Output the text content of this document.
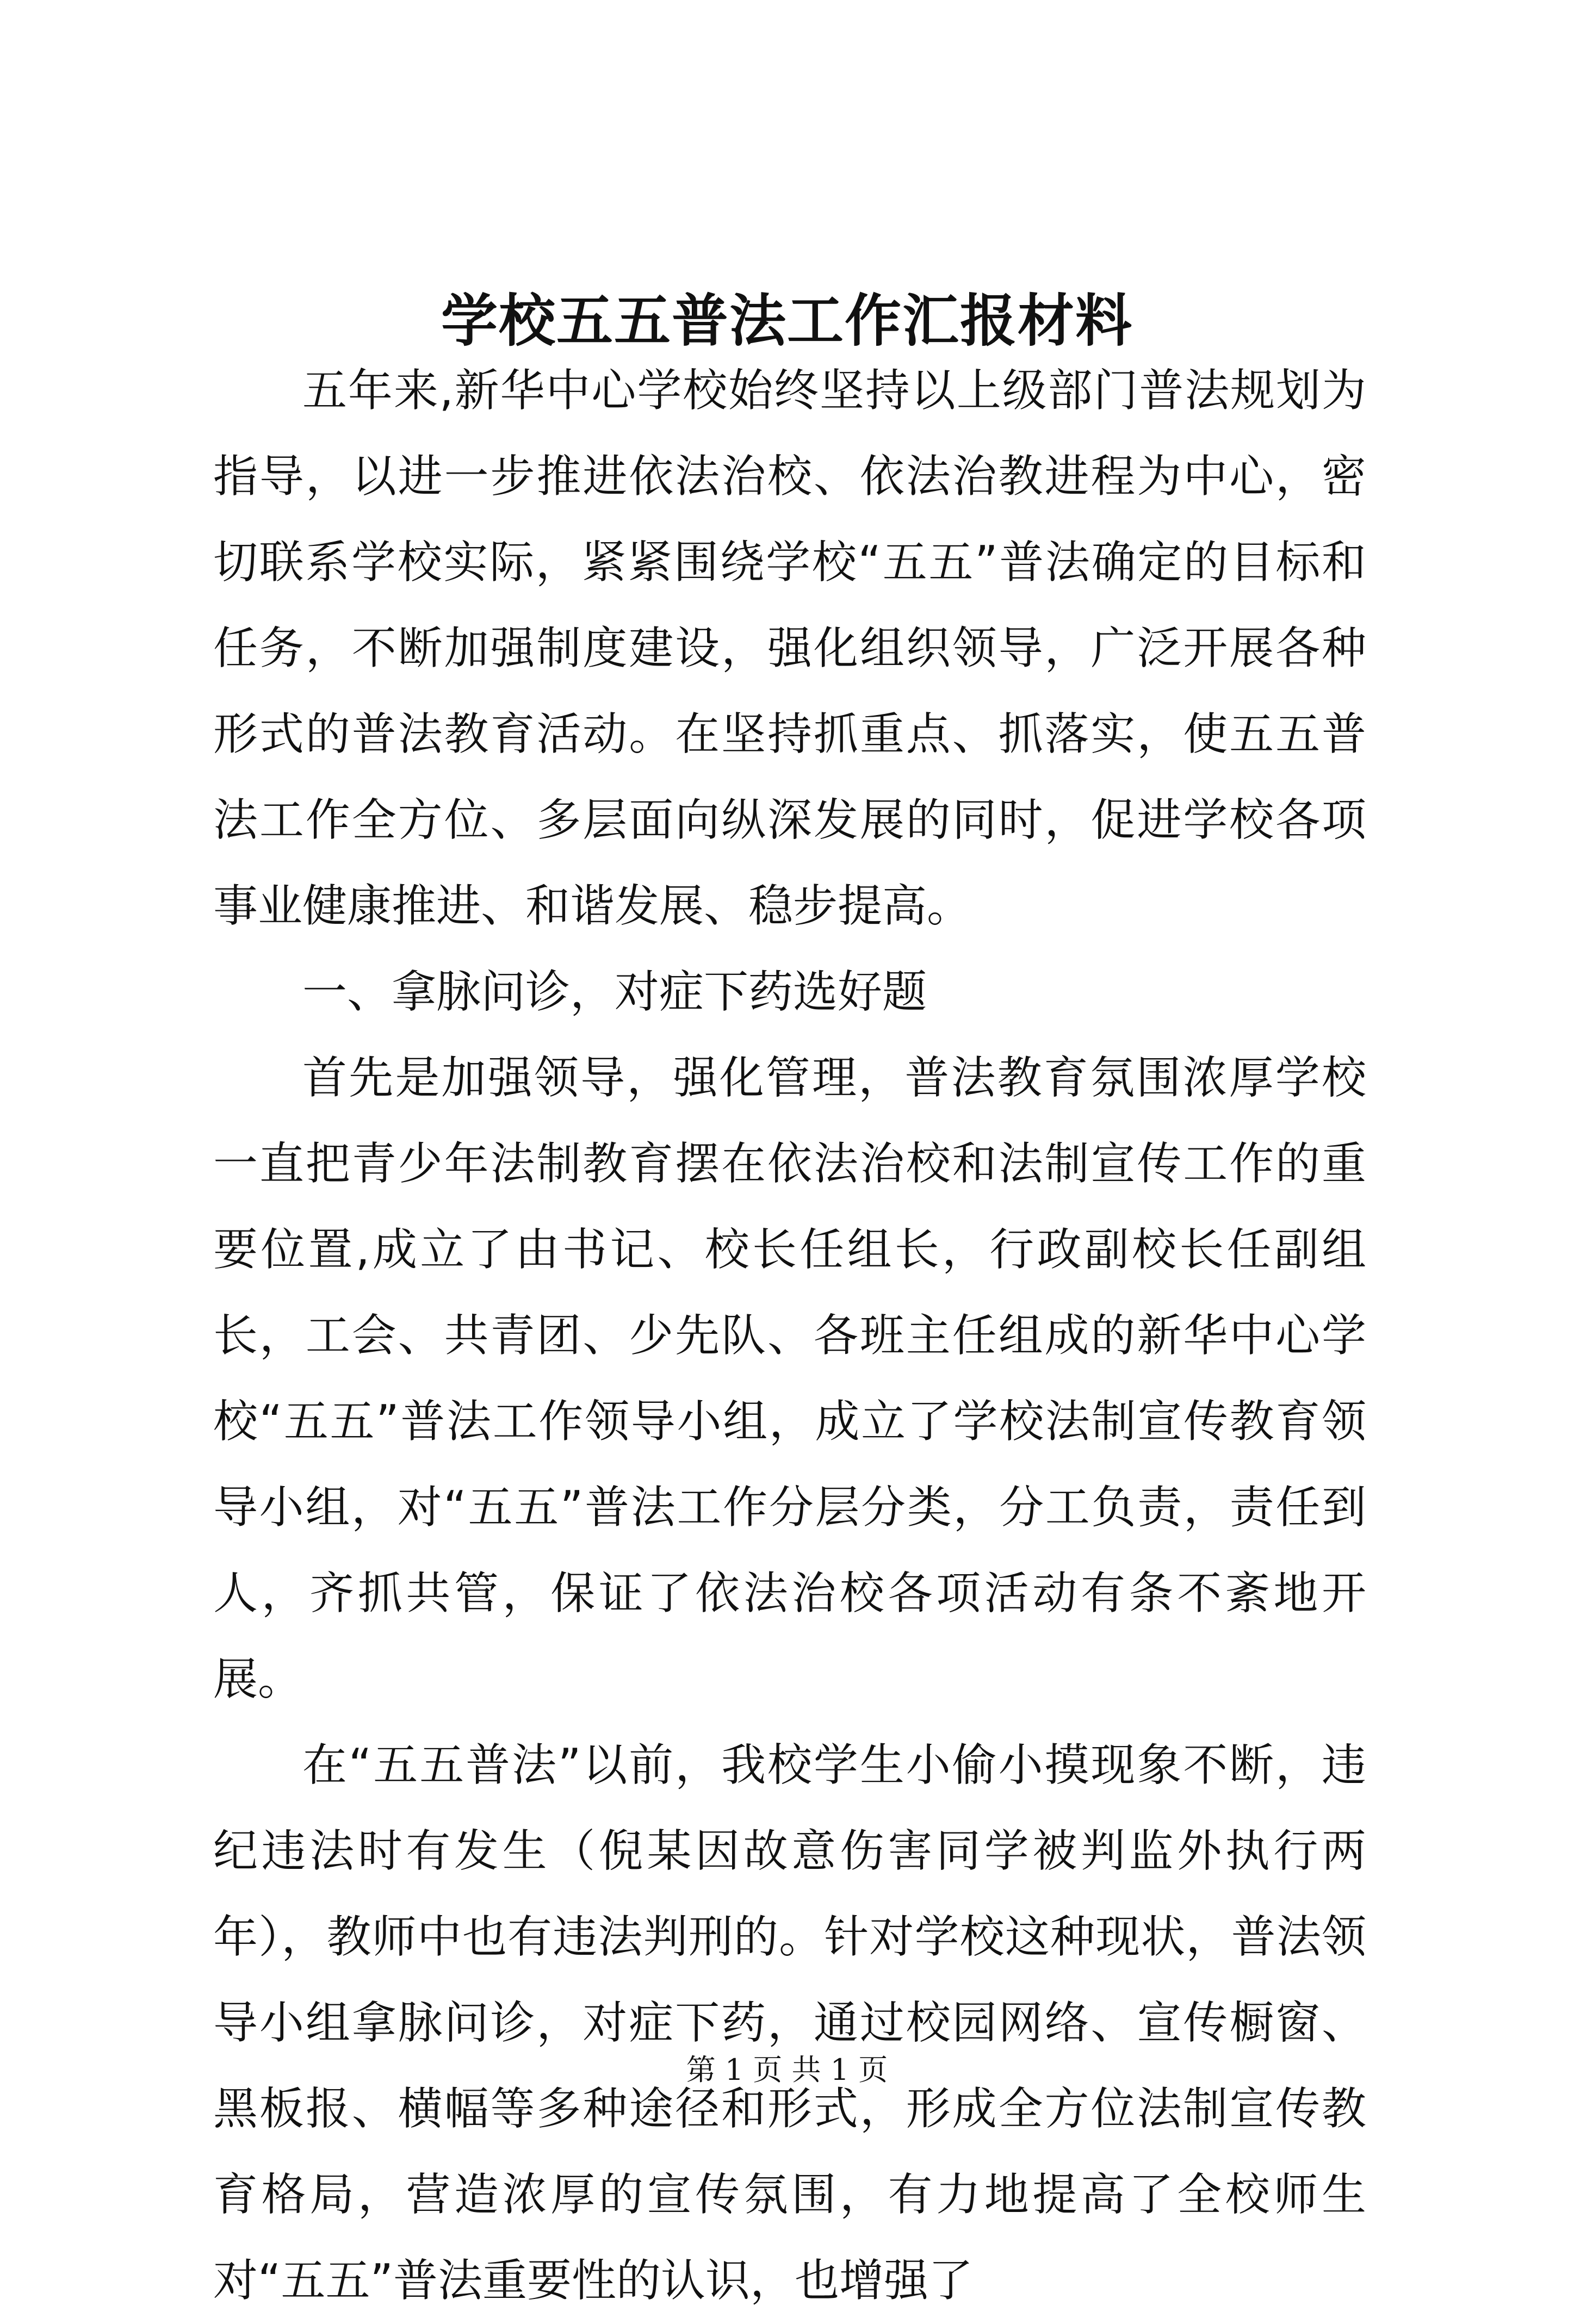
学校五五普法工作汇报材料

五年来,新华中心学校始终坚持以上级部门普法规划为指导，以进一步推进依法治校、依法治教进程为中心，密切联系学校实际，紧紧围绕学校“五五”普法确定的目标和任务，不断加强制度建设，强化组织领导，广泛开展各种形式的普法教育活动。在坚持抓重点、抓落实，使五五普法工作全方位、多层面向纵深发展的同时，促进学校各项事业健康推进、和谐发展、稳步提高。

一、拿脉问诊，对症下药选好题

首先是加强领导，强化管理，普法教育氛围浓厚学校一直把青少年法制教育摆在依法治校和法制宣传工作的重要位置,成立了由书记、校长任组长，行政副校长任副组长，工会、共青团、少先队、各班主任组成的新华中心学校“五五”普法工作领导小组，成立了学校法制宣传教育领导小组，对“五五”普法工作分层分类，分工负责，责任到人，齐抓共管，保证了依法治校各项活动有条不紊地开展。

在“五五普法”以前，我校学生小偷小摸现象不断，违纪违法时有发生（倪某因故意伤害同学被判监外执行两年），教师中也有违法判刑的。针对学校这种现状，普法领导小组拿脉问诊，对症下药，通过校园网络、宣传橱窗、黑板报、横幅等多种途径和形式，形成全方位法制宣传教育格局，营造浓厚的宣传氛围，有力地提高了全校师生对“五五”普法重要性的认识，也增强了

第 1 页 共 1 页
